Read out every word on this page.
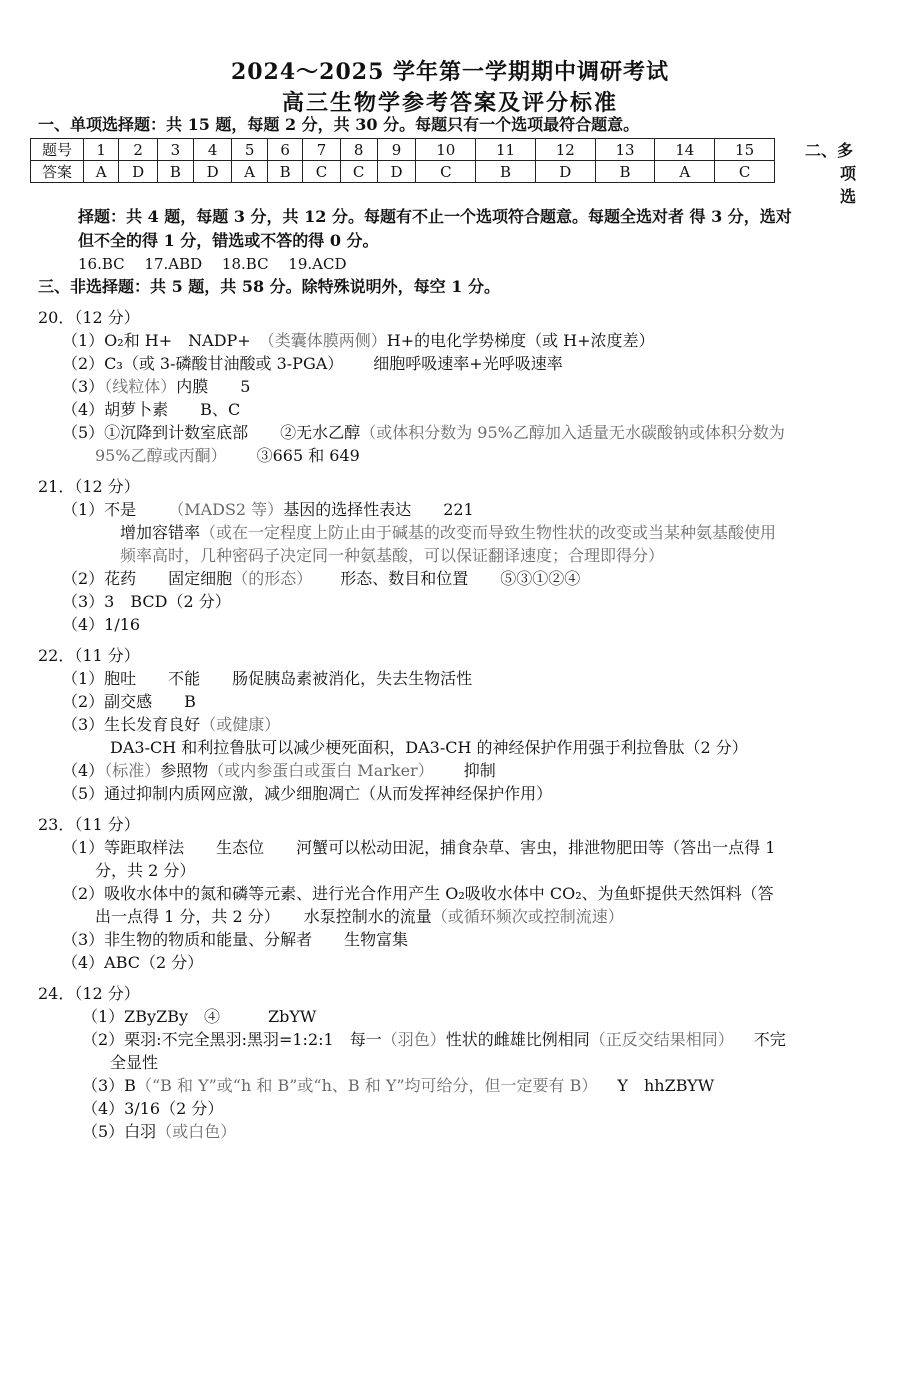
2024～2025 学年第一学期期中调研考试
高三生物学参考答案及评分标准
一、单项选择题：共 15 题，每题 2 分，共 30 分。每题只有一个选项最符合题意。
题号	1	2	3	4	5	6	7	8	9	10	11	12	13	14	15
答案	A	D	B	D	A	B	C	C	D	C	B	D	B	A	C
二、多
项
选
择题：共 4 题，每题 3 分，共 12 分。每题有不止一个选项符合题意。每题全选对者 得 3 分，选对
但不全的得 1 分，错选或不答的得 0 分。
16.BC　 17.ABD　 18.BC　 19.ACD
三、非选择题：共 5 题，共 58 分。除特殊说明外，每空 1 分。
20．（12 分）
（1）O₂和 H+　NADP+　（类囊体膜两侧）H+的电化学势梯度（或 H+浓度差）
（2）C₃（或 3-磷酸甘油酸或 3-PGA） 细胞呼吸速率+光呼吸速率
（3）（线粒体）内膜　　5
（4）胡萝卜素　　B、C
（5）①沉降到计数室底部　　②无水乙醇（或体积分数为 95%乙醇加入适量无水碳酸钠或体积分数为
95%乙醇或丙酮） ③665 和 649
21．（12 分）
（1）不是　（MADS2 等）基因的选择性表达　　221
增加容错率（或在一定程度上防止由于碱基的改变而导致生物性状的改变或当某种氨基酸使用
频率高时，几种密码子决定同一种氨基酸，可以保证翻译速度；合理即得分）
（2）花药　　固定细胞（的形态） 形态、数目和位置　　⑤③①②④
（3）3　BCD（2 分）
（4）1/16
22．（11 分）
（1）胞吐　　不能　　肠促胰岛素被消化，失去生物活性
（2）副交感　　B
（3）生长发育良好（或健康）
DA3-CH 和利拉鲁肽可以减少梗死面积，DA3-CH 的神经保护作用强于利拉鲁肽（2 分）
（4）（标准）参照物（或内参蛋白或蛋白 Marker） 抑制
（5）通过抑制内质网应激，减少细胞凋亡（从而发挥神经保护作用）
23．（11 分）
（1）等距取样法　　生态位　　河蟹可以松动田泥，捕食杂草、害虫，排泄物肥田等（答出一点得 1
分，共 2 分）
（2）吸收水体中的氮和磷等元素、进行光合作用产生 O₂吸收水体中 CO₂、为鱼虾提供天然饵料（答
出一点得 1 分，共 2 分）　　水泵控制水的流量（或循环频次或控制流速）
（3）非生物的物质和能量、分解者　　生物富集
（4）ABC（2 分）
24．（12 分）
（1）ZByZBy　④　　　ZbYW
（2）栗羽:不完全黑羽:黑羽=1:2:1　每一（羽色）性状的雌雄比例相同（正反交结果相同） 不完
全显性
（3）B（“B 和 Y”或“h 和 B”或“h、B 和 Y”均可给分，但一定要有 B） Y　hhZBYW
（4）3/16（2 分）
（5）白羽（或白色）
